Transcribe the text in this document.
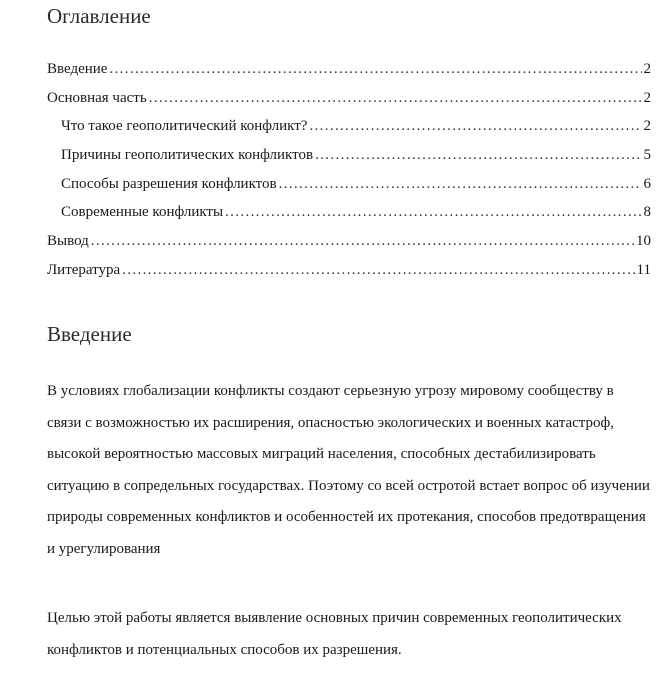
Оглавление
Введение . . .	2
Основная часть . . .	2
Что такое геополитический конфликт? . . .	2
Причины геополитических конфликтов . . .	5
Способы разрешения конфликтов . . .	6
Современные конфликты . . .	8
Вывод . . .	10
Литература . . .	11
Введение

В условиях глобализации конфликты создают серьезную угрозу мировому сообществу в связи с возможностью их расширения, опасностью экологических и военных катастроф, высокой вероятностью массовых миграций населения, способных дестабилизировать ситуацию в сопредельных государствах. Поэтому со всей остротой встает вопрос об изучении природы современных конфликтов и особенностей их протекания, способов предотвращения и урегулирования

Целью этой работы является выявление основных причин современных геополитических конфликтов и потенциальных способов их разрешения.
